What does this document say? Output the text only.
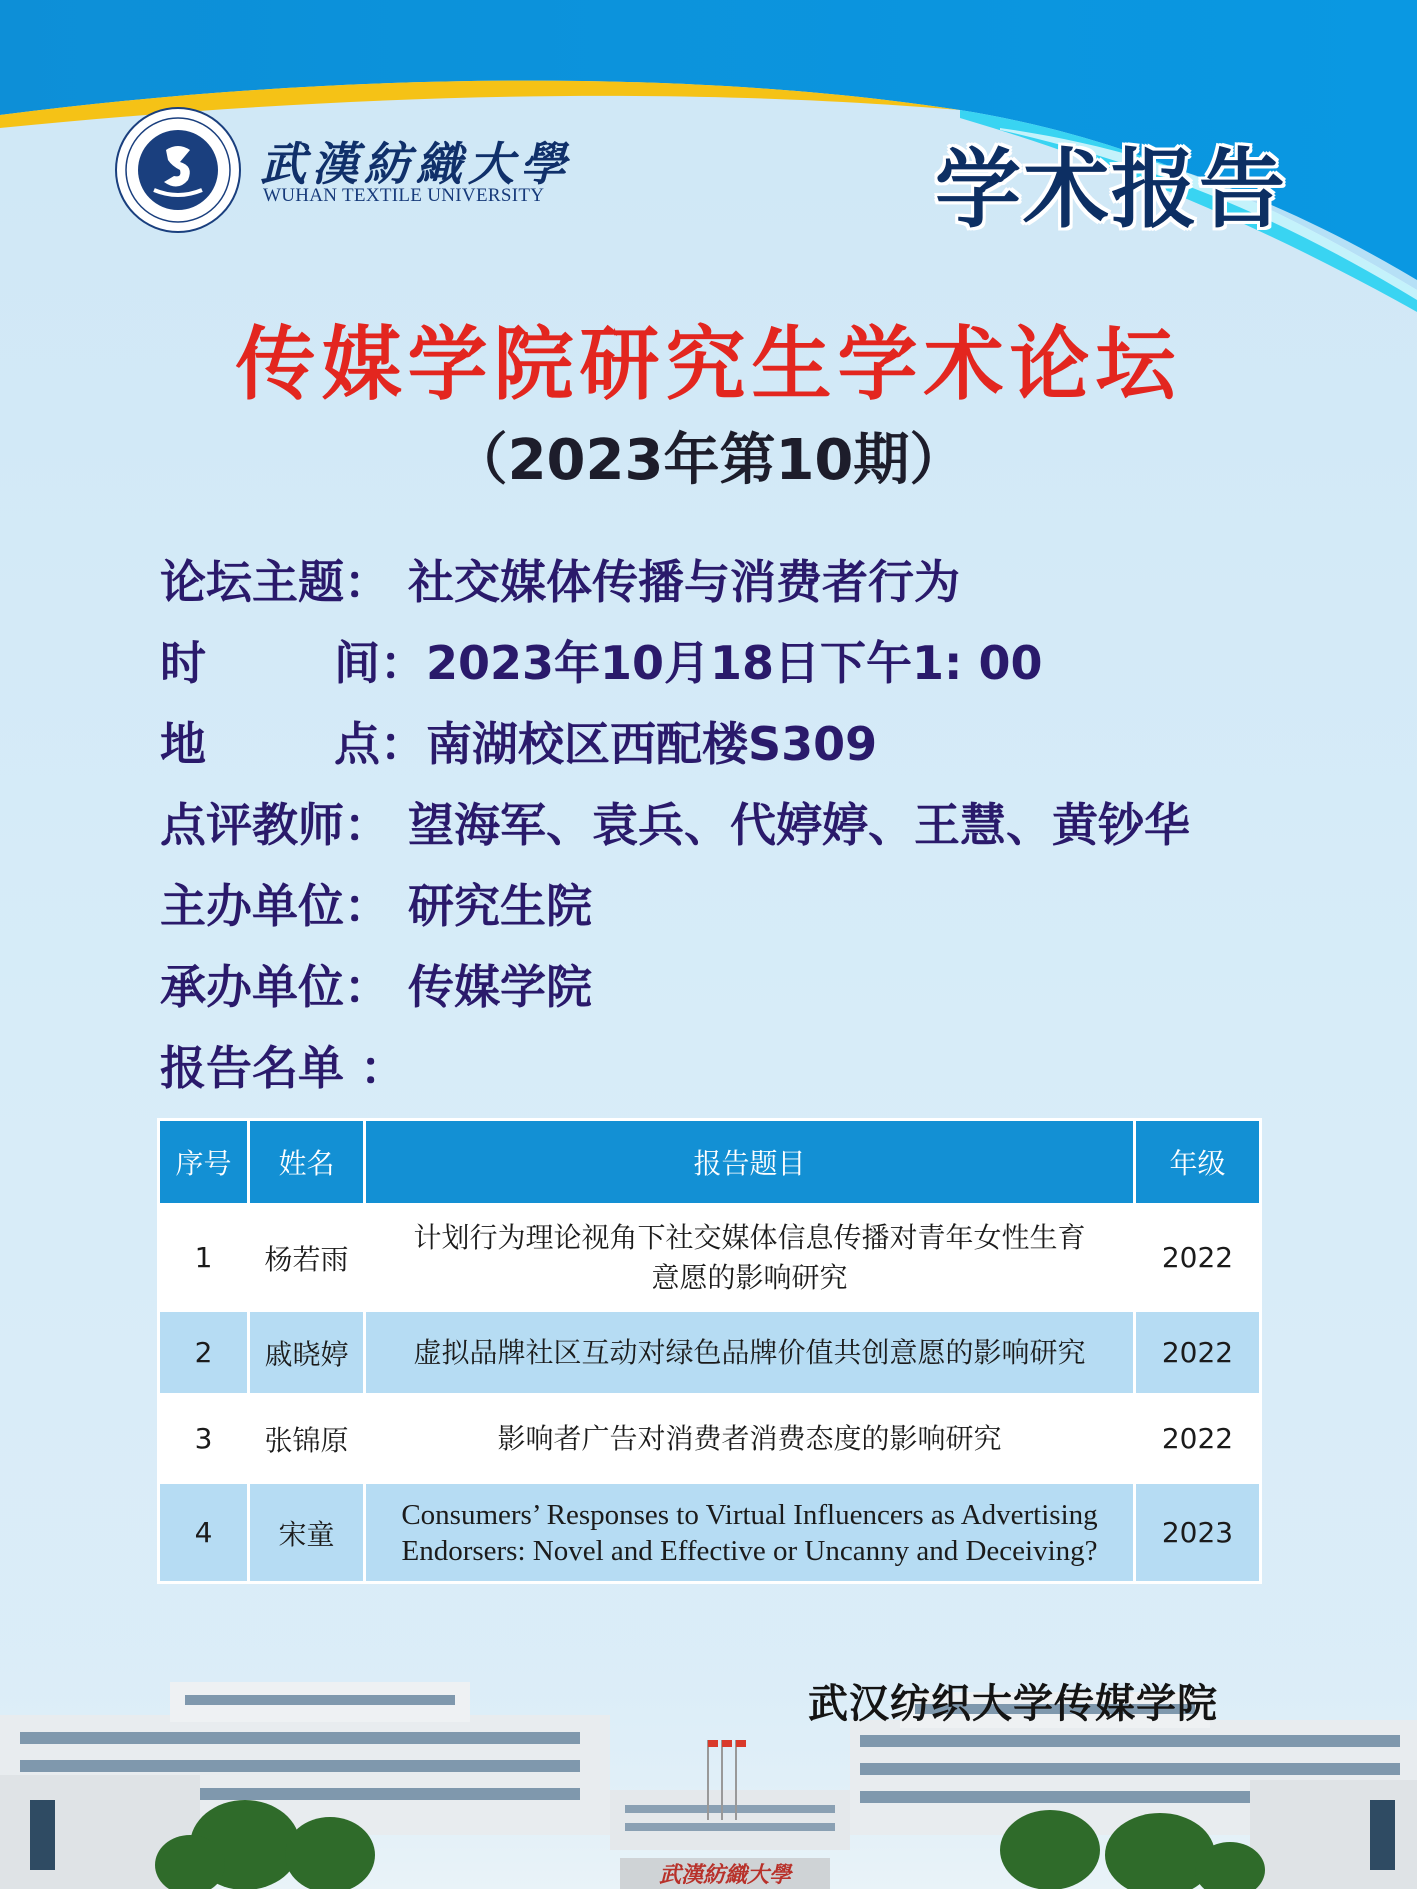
武漢紡織大學
WUHAN TEXTILE UNIVERSITY	学术报告
传媒学院研究生学术论坛
（2023年第10期）
论坛主题： 社交媒体传播与消费者行为
时	间 ： 2023年10月18日下午1: 00
地	点 ： 南湖校区西配楼S309
点评教师： 望海军、袁兵、代婷婷、王慧、黄钞华
主办单位： 研究生院
承办单位： 传媒学院
报告名单 ：
序号	姓名	报告题目	年级
1	杨若雨	计划行为理论视角下社交媒体信息传播对青年女性生育
意愿的影响研究	2022
2	戚晓婷	虚拟品牌社区互动对绿色品牌价值共创意愿的影响研究	2022
3	张锦原	影响者广告对消费者消费态度的影响研究	2022
4	宋童	Consumers’ Responses to Virtual Influencers as Advertising
Endorsers: Novel and Effective or Uncanny and Deceiving?	2023
武漢紡織大學
武汉纺织大学传媒学院
